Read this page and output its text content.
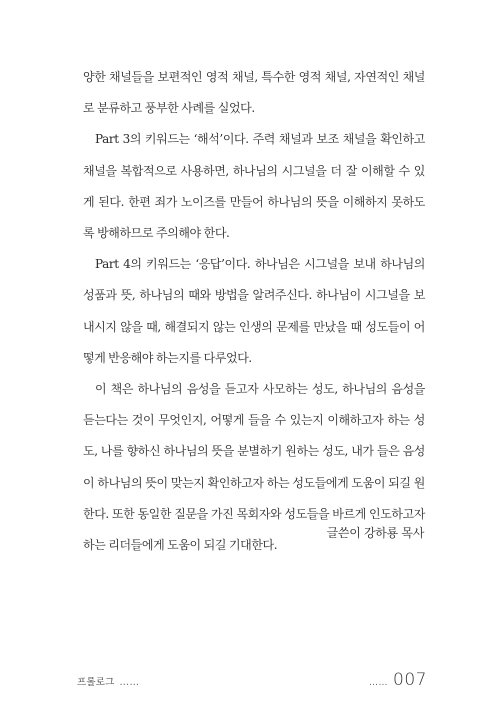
양한 채널들을 보편적인 영적 채널, 특수한 영적 채널, 자연적인 채널로 분류하고 풍부한 사례를 실었다.

Part 3의 키워드는 ‘해석’이다. 주력 채널과 보조 채널을 확인하고 채널을 복합적으로 사용하면, 하나님의 시그널을 더 잘 이해할 수 있게 된다. 한편 죄가 노이즈를 만들어 하나님의 뜻을 이해하지 못하도록 방해하므로 주의해야 한다.

Part 4의 키워드는 ‘응답’이다. 하나님은 시그널을 보내 하나님의 성품과 뜻, 하나님의 때와 방법을 알려주신다. 하나님이 시그널을 보내시지 않을 때, 해결되지 않는 인생의 문제를 만났을 때 성도들이 어떻게 반응해야 하는지를 다루었다.

이 책은 하나님의 음성을 듣고자 사모하는 성도, 하나님의 음성을 듣는다는 것이 무엇인지, 어떻게 들을 수 있는지 이해하고자 하는 성도, 나를 향하신 하나님의 뜻을 분별하기 원하는 성도, 내가 들은 음성이 하나님의 뜻이 맞는지 확인하고자 하는 성도들에게 도움이 되길 원한다. 또한 동일한 질문을 가진 목회자와 성도들을 바르게 인도하고자 하는 리더들에게 도움이 되길 기대한다.

글쓴이 강하룡 목사

프롤로그 ……	…… 007
